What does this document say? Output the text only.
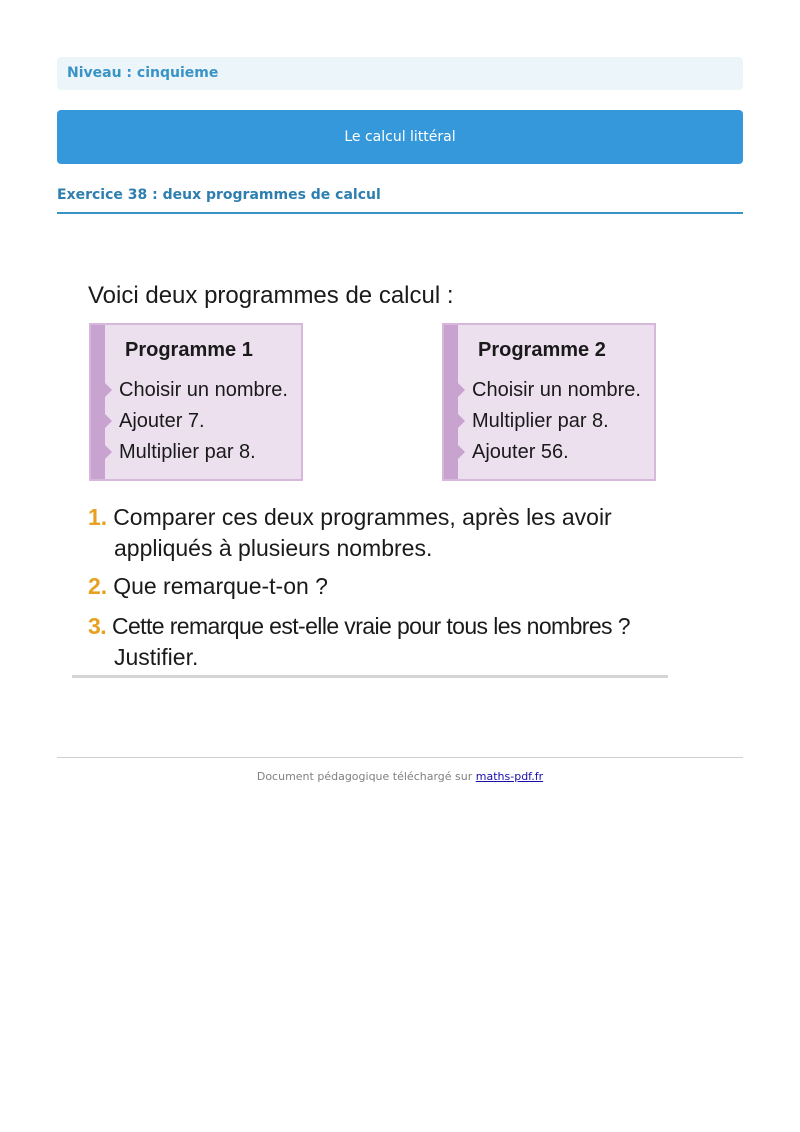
Niveau : cinquieme
Le calcul littéral
Exercice 38 : deux programmes de calcul
Voici deux programmes de calcul :
Programme 1
Choisir un nombre.
Ajouter 7.
Multiplier par 8.
Programme 2
Choisir un nombre.
Multiplier par 8.
Ajouter 56.
1. Comparer ces deux programmes, après les avoir
appliqués à plusieurs nombres.
2. Que remarque-t-on ?
3. Cette remarque est-elle vraie pour tous les nombres ?
Justifier.
Document pédagogique téléchargé sur maths-pdf.fr
